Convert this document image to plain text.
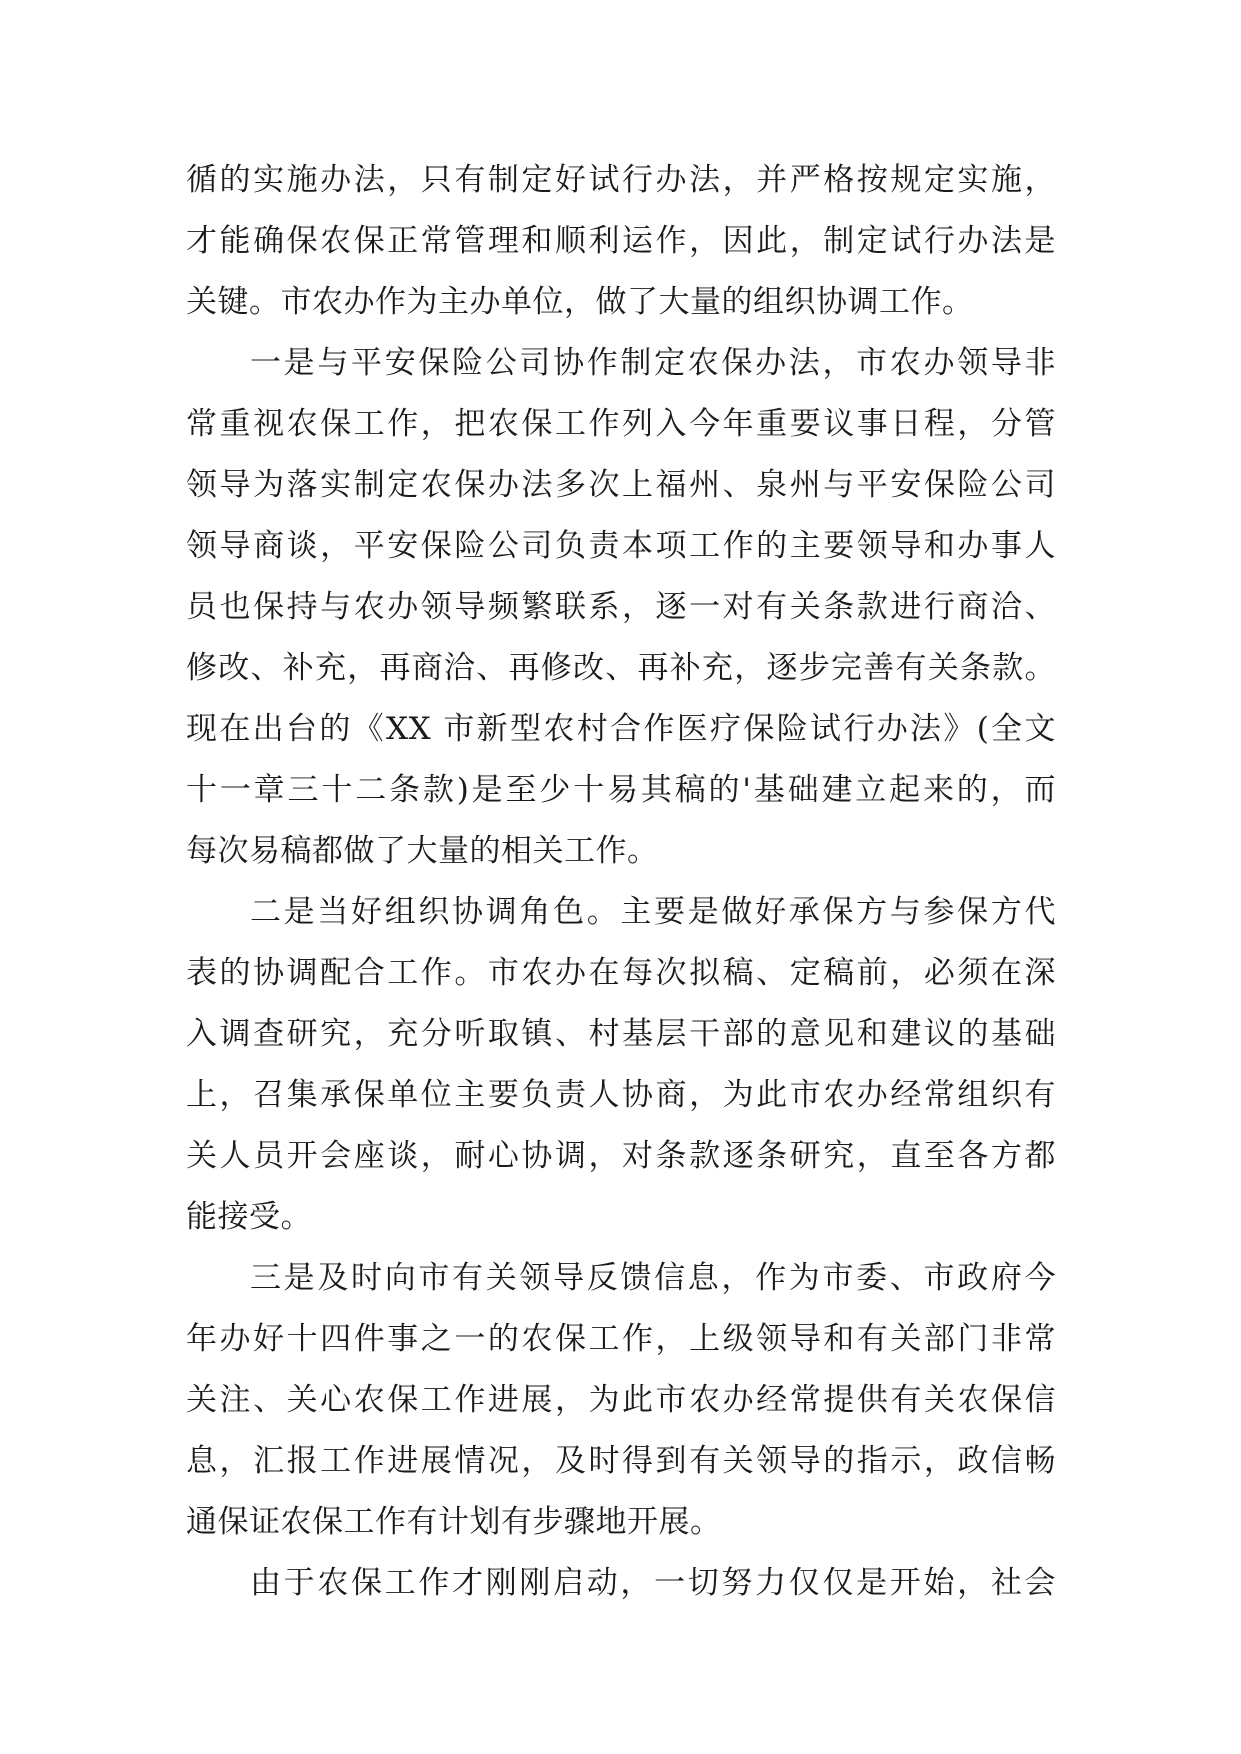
循的实施办法，只有制定好试行办法，并严格按规定实施，
才能确保农保正常管理和顺利运作，因此，制定试行办法是
关键。市农办作为主办单位，做了大量的组织协调工作。
一是与平安保险公司协作制定农保办法，市农办领导非
常重视农保工作，把农保工作列入今年重要议事日程，分管
领导为落实制定农保办法多次上福州、泉州与平安保险公司
领导商谈，平安保险公司负责本项工作的主要领导和办事人
员也保持与农办领导频繁联系，逐一对有关条款进行商洽、
修改、补充，再商洽、再修改、再补充，逐步完善有关条款。
现在出台的《XX 市新型农村合作医疗保险试行办法》(全文
十一章三十二条款)是至少十易其稿的'基础建立起来的，而
每次易稿都做了大量的相关工作。
二是当好组织协调角色。主要是做好承保方与参保方代
表的协调配合工作。市农办在每次拟稿、定稿前，必须在深
入调查研究，充分听取镇、村基层干部的意见和建议的基础
上，召集承保单位主要负责人协商，为此市农办经常组织有
关人员开会座谈，耐心协调，对条款逐条研究，直至各方都
能接受。
三是及时向市有关领导反馈信息，作为市委、市政府今
年办好十四件事之一的农保工作，上级领导和有关部门非常
关注、关心农保工作进展，为此市农办经常提供有关农保信
息，汇报工作进展情况，及时得到有关领导的指示，政信畅
通保证农保工作有计划有步骤地开展。
由于农保工作才刚刚启动，一切努力仅仅是开始，社会
